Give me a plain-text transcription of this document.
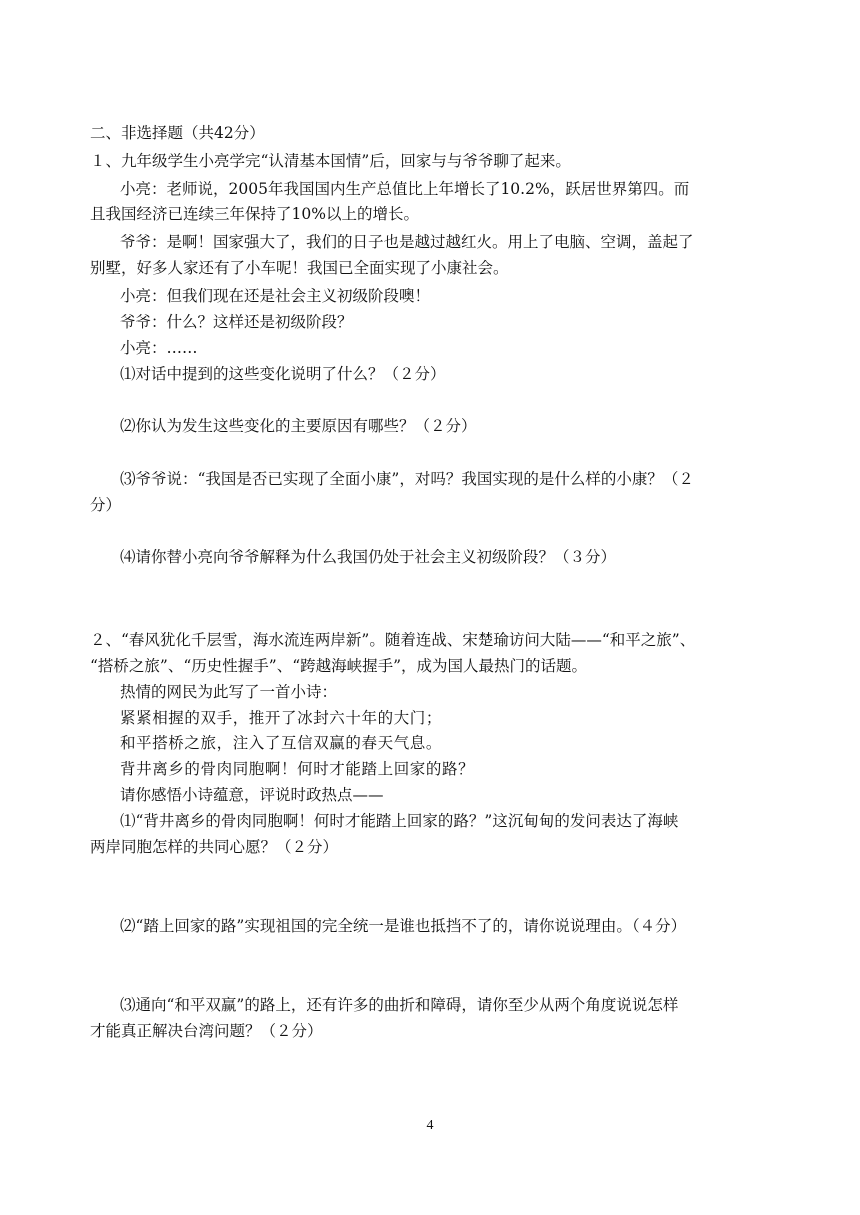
二、非选择题（共42分）
１、九年级学生小亮学完“认清基本国情”后，回家与与爷爷聊了起来。
小亮：老师说，2005年我国国内生产总值比上年增长了10.2%，跃居世界第四。而
且我国经济已连续三年保持了10%以上的增长。
爷爷：是啊！国家强大了，我们的日子也是越过越红火。用上了电脑、空调，盖起了
别墅，好多人家还有了小车呢！我国已全面实现了小康社会。
小亮：但我们现在还是社会主义初级阶段噢！
爷爷：什么？这样还是初级阶段？
小亮：……
⑴对话中提到的这些变化说明了什么？（２分）
⑵你认为发生这些变化的主要原因有哪些？（２分）
⑶爷爷说：“我国是否已实现了全面小康”，对吗？我国实现的是什么样的小康？（２
分）
⑷请你替小亮向爷爷解释为什么我国仍处于社会主义初级阶段？（３分）
２、“春风犹化千层雪，海水流连两岸新”。随着连战、宋楚瑜访问大陆——“和平之旅”、
“搭桥之旅”、“历史性握手”、“跨越海峡握手”，成为国人最热门的话题。
热情的网民为此写了一首小诗：
紧紧相握的双手，推开了冰封六十年的大门；
和平搭桥之旅，注入了互信双赢的春天气息。
背井离乡的骨肉同胞啊！何时才能踏上回家的路？
请你感悟小诗蕴意，评说时政热点——
⑴“背井离乡的骨肉同胞啊！何时才能踏上回家的路？”这沉甸甸的发问表达了海峡
两岸同胞怎样的共同心愿？（２分）
⑵“踏上回家的路”实现祖国的完全统一是谁也抵挡不了的，请你说说理由。（４分）
⑶通向“和平双赢”的路上，还有许多的曲折和障碍，请你至少从两个角度说说怎样
才能真正解决台湾问题？（２分）
4
